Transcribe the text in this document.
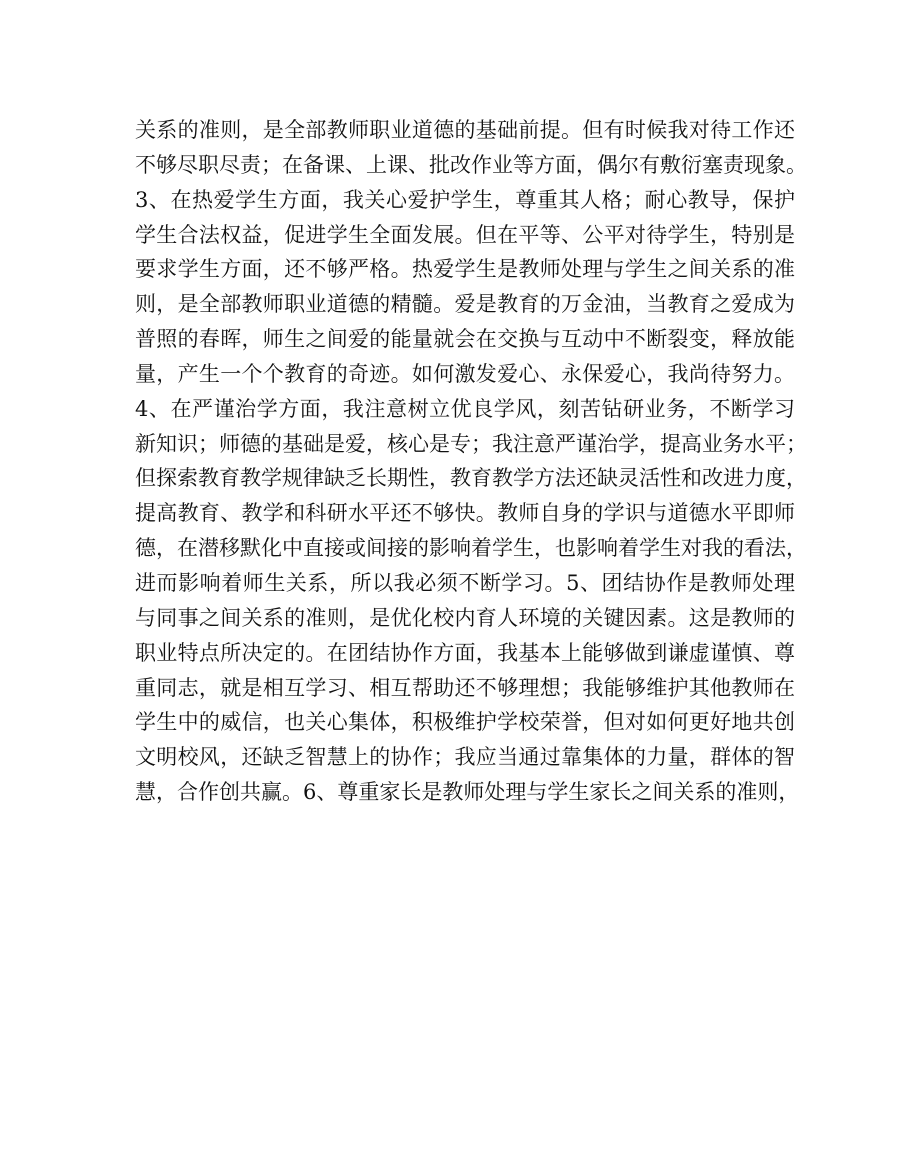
关系的准则，是全部教师职业道德的基础前提。但有时候我对待工作还
不够尽职尽责；在备课、上课、批改作业等方面，偶尔有敷衍塞责现象。
3、在热爱学生方面，我关心爱护学生，尊重其人格；耐心教导，保护
学生合法权益，促进学生全面发展。但在平等、公平对待学生，特别是
要求学生方面，还不够严格。热爱学生是教师处理与学生之间关系的准
则，是全部教师职业道德的精髓。爱是教育的万金油，当教育之爱成为
普照的春晖，师生之间爱的能量就会在交换与互动中不断裂变，释放能
量，产生一个个教育的奇迹。如何激发爱心、永保爱心，我尚待努力。
4、在严谨治学方面，我注意树立优良学风，刻苦钻研业务，不断学习
新知识；师德的基础是爱，核心是专；我注意严谨治学，提高业务水平；
但探索教育教学规律缺乏长期性，教育教学方法还缺灵活性和改进力度，
提高教育、教学和科研水平还不够快。教师自身的学识与道德水平即师
德，在潜移默化中直接或间接的影响着学生，也影响着学生对我的看法，
进而影响着师生关系，所以我必须不断学习。5、团结协作是教师处理
与同事之间关系的准则，是优化校内育人环境的关键因素。这是教师的
职业特点所决定的。在团结协作方面，我基本上能够做到谦虚谨慎、尊
重同志，就是相互学习、相互帮助还不够理想；我能够维护其他教师在
学生中的威信，也关心集体，积极维护学校荣誉，但对如何更好地共创
文明校风，还缺乏智慧上的协作；我应当通过靠集体的力量，群体的智
慧，合作创共赢。6、尊重家长是教师处理与学生家长之间关系的准则，
